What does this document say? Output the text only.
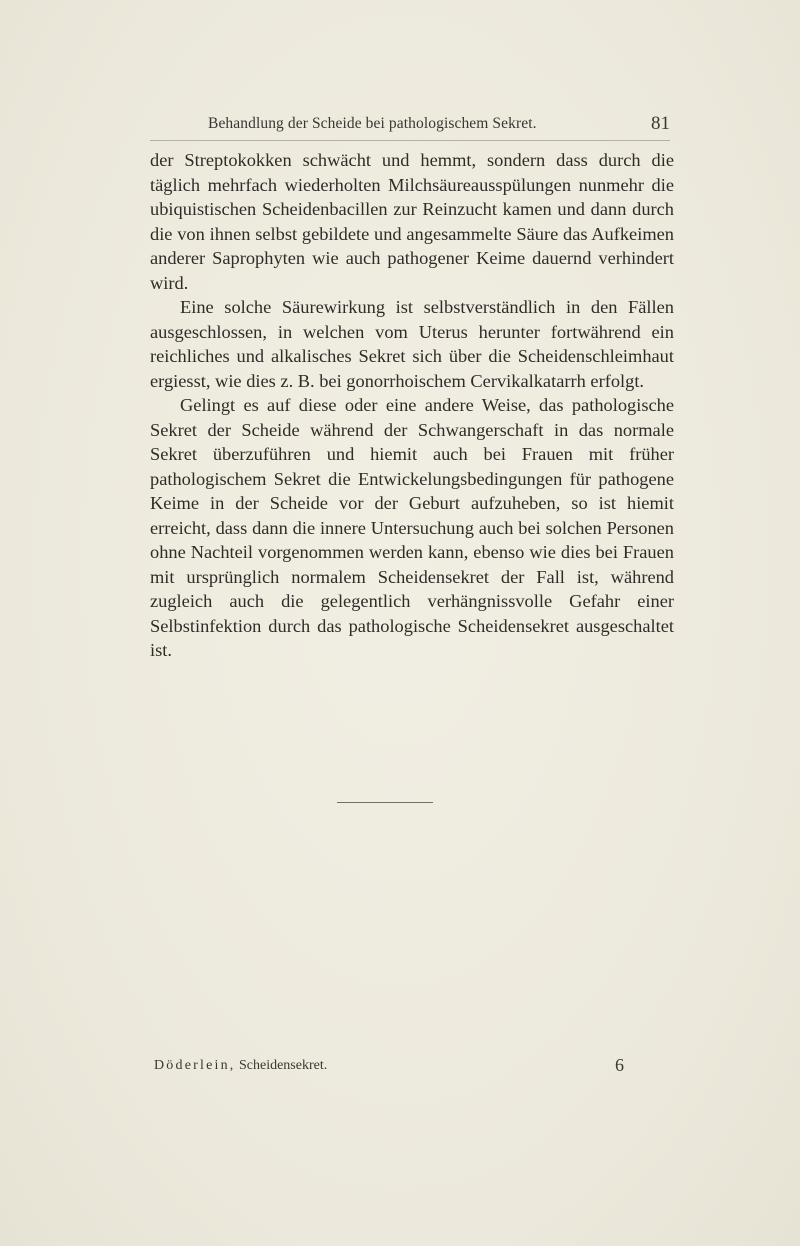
Behandlung der Scheide bei pathologischem Sekret.	81

der Streptokokken schwächt und hemmt, sondern dass durch die täglich mehrfach wiederholten Milchsäureausspülungen nunmehr die ubiquistischen Scheidenbacillen zur Reinzucht kamen und dann durch die von ihnen selbst gebildete und angesammelte Säure das Aufkeimen anderer Saprophyten wie auch pathogener Keime dauernd verhindert wird.

Eine solche Säurewirkung ist selbstverständlich in den Fällen ausgeschlossen, in welchen vom Uterus herunter fortwährend ein reichliches und alkalisches Sekret sich über die Scheidenschleimhaut ergiesst, wie dies z. B. bei gonorrhoischem Cervikalkatarrh erfolgt.

Gelingt es auf diese oder eine andere Weise, das pathologische Sekret der Scheide während der Schwangerschaft in das normale Sekret überzuführen und hiemit auch bei Frauen mit früher pathologischem Sekret die Entwickelungsbedingungen für pathogene Keime in der Scheide vor der Geburt aufzuheben, so ist hiemit erreicht, dass dann die innere Untersuchung auch bei solchen Personen ohne Nachteil vorgenommen werden kann, ebenso wie dies bei Frauen mit ursprünglich normalem Scheidensekret der Fall ist, während zugleich auch die gelegentlich verhängnissvolle Gefahr einer Selbstinfektion durch das pathologische Scheidensekret ausgeschaltet ist.

Döderlein, Scheidensekret.	6
